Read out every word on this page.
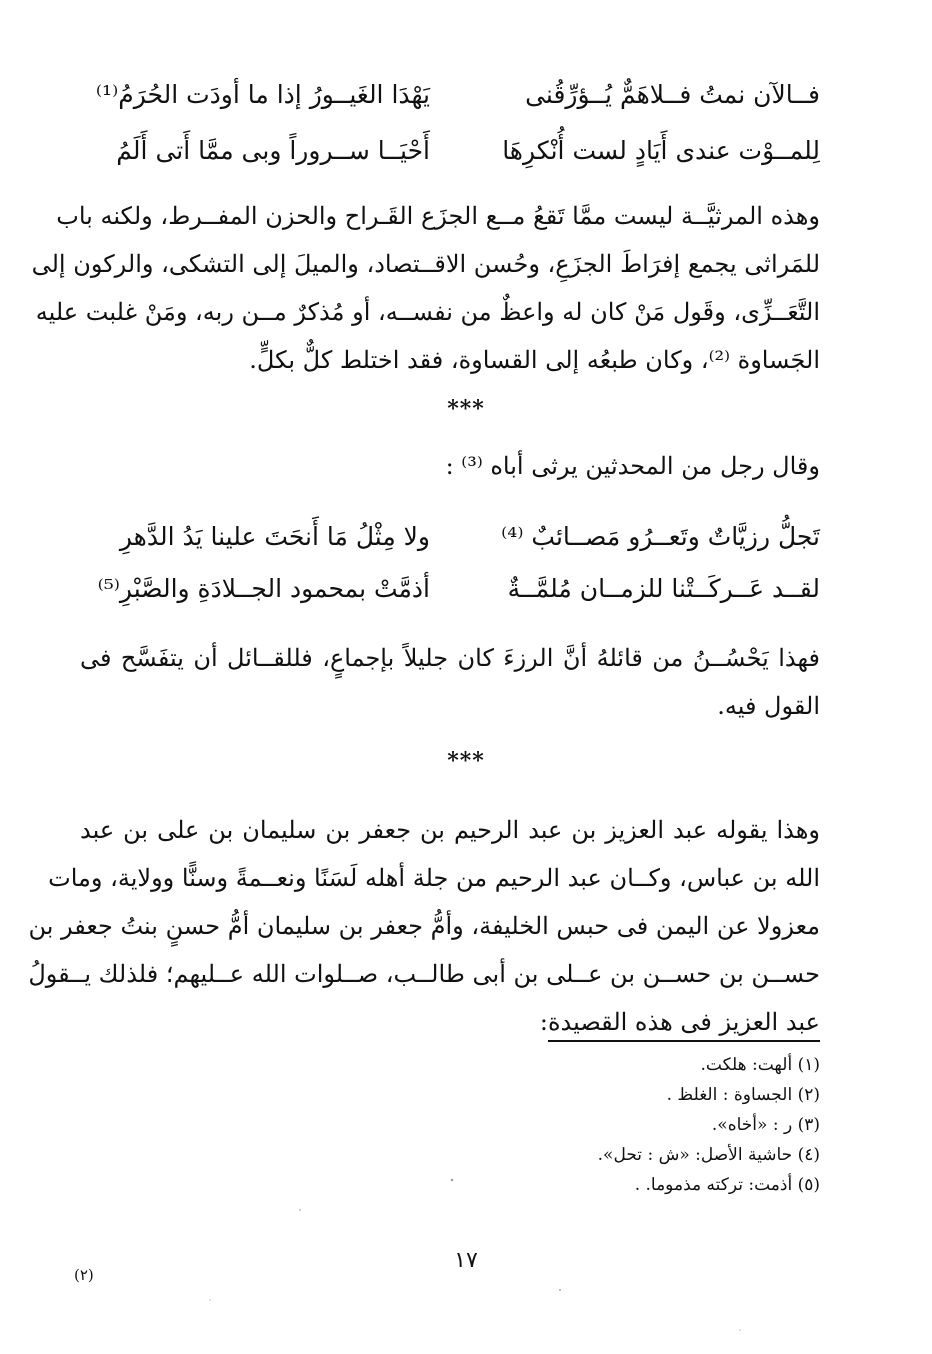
فــالآن نمتُ فــلاهَمٌّ يُــؤرِّقُنى
يَهْدَا الغَيــورُ إذا ما أودَت الحُرَمُ⁽¹⁾
لِلمــوْت عندى أَيَادٍ لست أُنْكرِهَا
أَحْيَــا ســروراً وبى ممَّا أَتى أَلَمُ
وهذه المرثيَّــة ليست ممَّا تَقعُ مــع الجزَع القَـراح والحزن المفــرط، ولكنه باب
للمَراثى يجمع إفرَاطَ الجزَعِ، وحُسن الاقــتصاد، والميلَ إلى التشكى، والركون إلى
التَّعَــزِّى، وقَول مَنْ كان له واعظٌ من نفســه، أو مُذكرٌ مــن ربه، ومَنْ غلبت عليه
الجَساوة ⁽²⁾، وكان طبعُه إلى القساوة، فقد اختلط كلٌّ بكلٍّ.
***
وقال رجل من المحدثين يرثى أباه ⁽³⁾ :
تَجلُّ رزيَّاتٌ وتَعــرُو مَصــائبٌ ⁽⁴⁾
ولا مِثْلُ مَا أَنحَتَ علينا يَدُ الدَّهرِ
لقــد عَــركَــتْنا للزمــان مُلمَّــةٌ
أذمَّتْ بمحمود الجــلادَةِ والصَّبْرِ⁽⁵⁾
فهذا يَحْسُــنُ من قائلهُ أنَّ الرزءَ كان جليلاً بإجماعٍ، فللقــائل أن يتفَسَّح فى
القول فيه.
***
وهذا يقوله عبد العزيز بن عبد الرحيم بن جعفر بن سليمان بن على بن عبد
الله بن عباس، وكــان عبد الرحيم من جلة أهله لَسَنًا ونعــمةً وسنًّا وولاية، ومات
معزولا عن اليمن فى حبس الخليفة، وأمُّ جعفر بن سليمان أمُّ حسنٍ بنتُ جعفر بن
حســن بن حســن بن عــلى بن أبى طالــب، صــلوات الله عــليهم؛ فلذلك يــقولُ
عبد العزيز فى هذه القصيدة:
(١) ألهت: هلكت.
(٢) الجساوة : الغلظ .
(٣) ر : «أخاه».
(٤) حاشية الأصل: «ش : تحل».
(٥) أذمت: تركته مذموما. .
١٧
(٢)
